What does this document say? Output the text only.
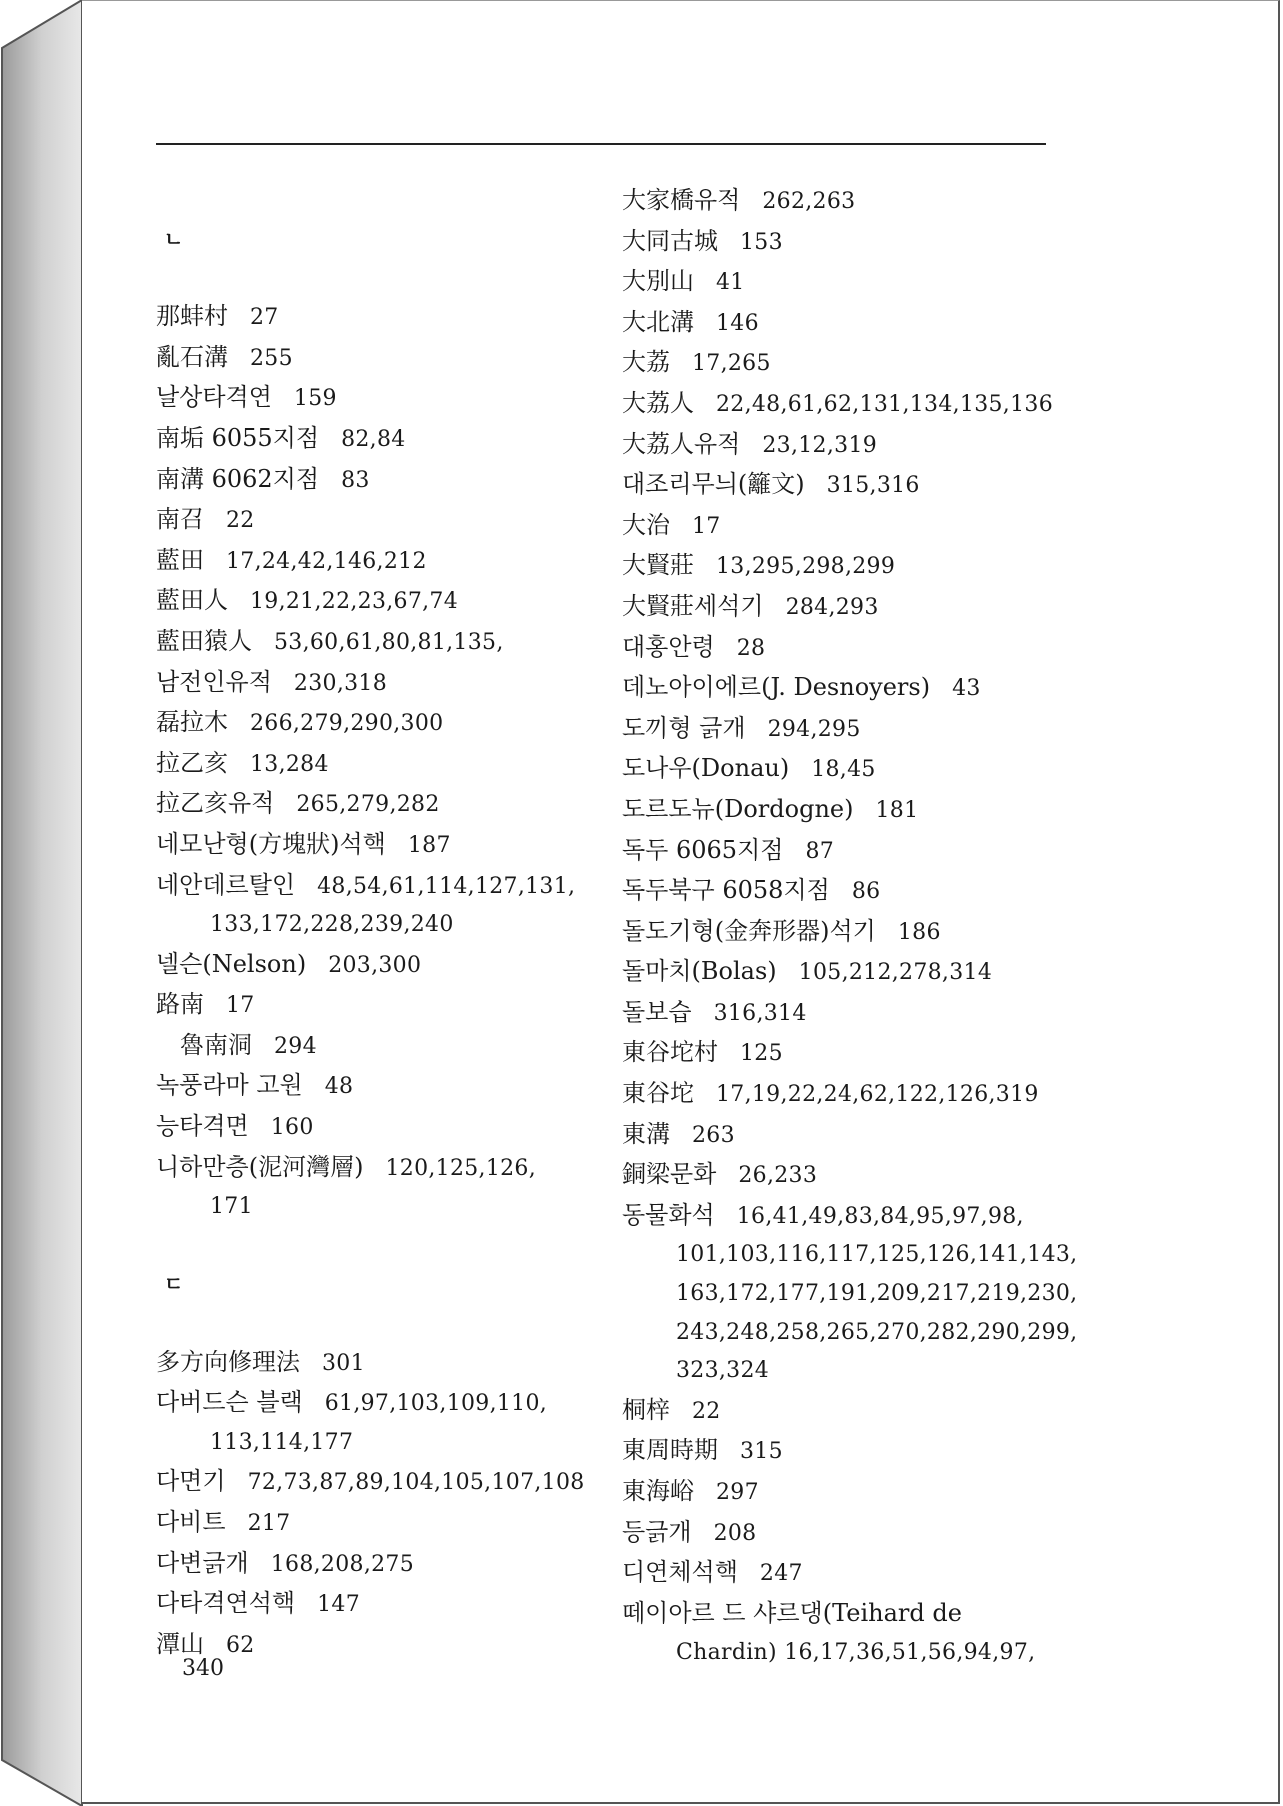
ㄴ
那蚌村 27
亂石溝 255
날상타격연 159
南垢 6055지점 82,84
南溝 6062지점 83
南召 22
藍田 17,24,42,146,212
藍田人 19,21,22,23,67,74
藍田猿人 53,60,61,80,81,135,
남전인유적 230,318
磊拉木 266,279,290,300
拉乙亥 13,284
拉乙亥유적 265,279,282
네모난형(方塊狀)석핵 187
네안데르탈인 48,54,61,114,127,131,
133,172,228,239,240
넬슨(Nelson) 203,300
路南 17
魯南洞 294
녹풍라마 고원 48
능타격면 160
니하만층(泥河灣層) 120,125,126,
171
ㄷ
多方向修理法 301
다버드슨 블랙 61,97,103,109,110,
113,114,177
다면기 72,73,87,89,104,105,107,108
다비트 217
다변긁개 168,208,275
다타격연석핵 147
潭山 62
大家橋유적 262,263
大同古城 153
大別山 41
大北溝 146
大荔 17,265
大荔人 22,48,61,62,131,134,135,136
大荔人유적 23,12,319
대조리무늬(籬文) 315,316
大治 17
大賢莊 13,295,298,299
大賢莊세석기 284,293
대홍안령 28
데노아이에르(J. Desnoyers) 43
도끼형 긁개 294,295
도나우(Donau) 18,45
도르도뉴(Dordogne) 181
독두 6065지점 87
독두북구 6058지점 86
돌도기형(金奔形器)석기 186
돌마치(Bolas) 105,212,278,314
돌보습 316,314
東谷坨村 125
東谷坨 17,19,22,24,62,122,126,319
東溝 263
銅梁문화 26,233
동물화석 16,41,49,83,84,95,97,98,
101,103,116,117,125,126,141,143,
163,172,177,191,209,217,219,230,
243,248,258,265,270,282,290,299,
323,324
桐梓 22
東周時期 315
東海峪 297
등긁개 208
디연체석핵 247
떼이아르 드 샤르댕(Teihard de
Chardin) 16,17,36,51,56,94,97,
340
